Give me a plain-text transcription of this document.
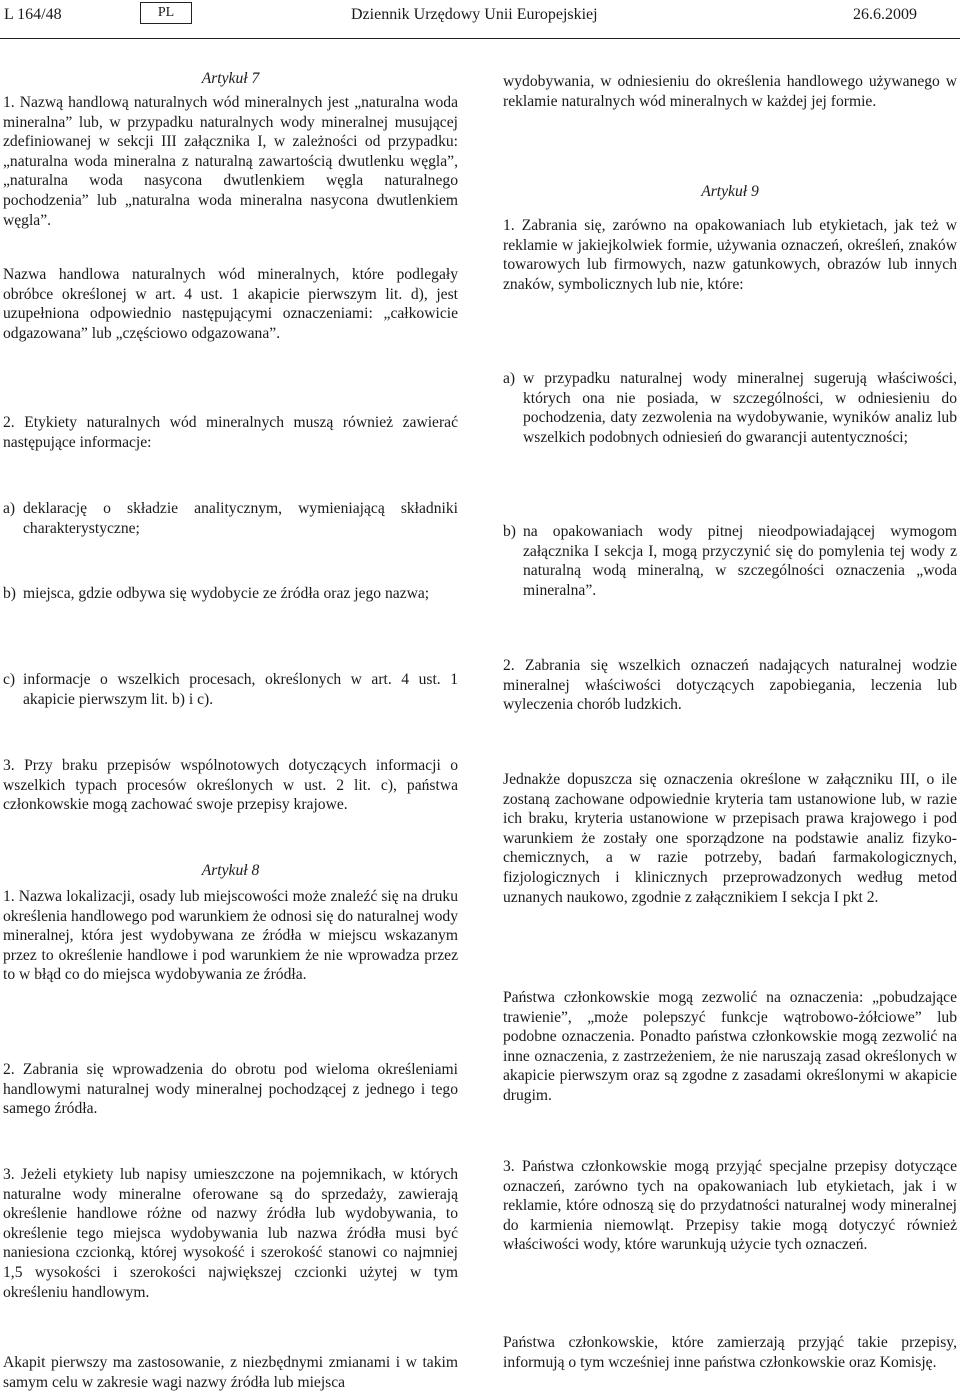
L 164/48	PL	Dziennik Urzędowy Unii Europejskiej	26.6.2009
Artykuł 7
1. Nazwą handlową naturalnych wód mineralnych jest „naturalna woda mineralna” lub, w przypadku naturalnych wody mineralnej musującej zdefiniowanej w sekcji III załącznika I, w zależności od przypadku: „naturalna woda mineralna z naturalną zawartością dwutlenku węgla”, „naturalna woda nasycona dwutlenkiem węgla naturalnego pochodzenia” lub „naturalna woda mineralna nasycona dwutlenkiem węgla”.
Nazwa handlowa naturalnych wód mineralnych, które podlegały obróbce określonej w art. 4 ust. 1 akapicie pierwszym lit. d), jest uzupełniona odpowiednio następującymi oznaczeniami: „całkowicie odgazowana” lub „częściowo odgazowana”.
2. Etykiety naturalnych wód mineralnych muszą również zawierać następujące informacje:
a) deklarację o składzie analitycznym, wymieniającą składniki charakterystyczne;
b) miejsca, gdzie odbywa się wydobycie ze źródła oraz jego nazwa;
c) informacje o wszelkich procesach, określonych w art. 4 ust. 1 akapicie pierwszym lit. b) i c).
3. Przy braku przepisów wspólnotowych dotyczących informacji o wszelkich typach procesów określonych w ust. 2 lit. c), państwa członkowskie mogą zachować swoje przepisy krajowe.
Artykuł 8
1. Nazwa lokalizacji, osady lub miejscowości może znaleźć się na druku określenia handlowego pod warunkiem że odnosi się do naturalnej wody mineralnej, która jest wydobywana ze źródła w miejscu wskazanym przez to określenie handlowe i pod warunkiem że nie wprowadza przez to w błąd co do miejsca wydobywania ze źródła.
2. Zabrania się wprowadzenia do obrotu pod wieloma określeniami handlowymi naturalnej wody mineralnej pochodzącej z jednego i tego samego źródła.
3. Jeżeli etykiety lub napisy umieszczone na pojemnikach, w których naturalne wody mineralne oferowane są do sprzedaży, zawierają określenie handlowe różne od nazwy źródła lub wydobywania, to określenie tego miejsca wydobywania lub nazwa źródła musi być naniesiona czcionką, której wysokość i szerokość stanowi co najmniej 1,5 wysokości i szerokości największej czcionki użytej w tym określeniu handlowym.
Akapit pierwszy ma zastosowanie, z niezbędnymi zmianami i w takim samym celu w zakresie wagi nazwy źródła lub miejsca
wydobywania, w odniesieniu do określenia handlowego używanego w reklamie naturalnych wód mineralnych w każdej jej formie.
Artykuł 9
1. Zabrania się, zarówno na opakowaniach lub etykietach, jak też w reklamie w jakiejkolwiek formie, używania oznaczeń, określeń, znaków towarowych lub firmowych, nazw gatunkowych, obrazów lub innych znaków, symbolicznych lub nie, które:
a) w przypadku naturalnej wody mineralnej sugerują właściwości, których ona nie posiada, w szczególności, w odniesieniu do pochodzenia, daty zezwolenia na wydobywanie, wyników analiz lub wszelkich podobnych odniesień do gwarancji autentyczności;
b) na opakowaniach wody pitnej nieodpowiadającej wymogom załącznika I sekcja I, mogą przyczynić się do pomylenia tej wody z naturalną wodą mineralną, w szczególności oznaczenia „woda mineralna”.
2. Zabrania się wszelkich oznaczeń nadających naturalnej wodzie mineralnej właściwości dotyczących zapobiegania, leczenia lub wyleczenia chorób ludzkich.
Jednakże dopuszcza się oznaczenia określone w załączniku III, o ile zostaną zachowane odpowiednie kryteria tam ustanowione lub, w razie ich braku, kryteria ustanowione w przepisach prawa krajowego i pod warunkiem że zostały one sporządzone na podstawie analiz fizyko-chemicznych, a w razie potrzeby, badań farmakologicznych, fizjologicznych i klinicznych przeprowadzonych według metod uznanych naukowo, zgodnie z załącznikiem I sekcja I pkt 2.
Państwa członkowskie mogą zezwolić na oznaczenia: „pobudzające trawienie”, „może polepszyć funkcje wątrobowo-żółciowe” lub podobne oznaczenia. Ponadto państwa członkowskie mogą zezwolić na inne oznaczenia, z zastrzeżeniem, że nie naruszają zasad określonych w akapicie pierwszym oraz są zgodne z zasadami określonymi w akapicie drugim.
3. Państwa członkowskie mogą przyjąć specjalne przepisy dotyczące oznaczeń, zarówno tych na opakowaniach lub etykietach, jak i w reklamie, które odnoszą się do przydatności naturalnej wody mineralnej do karmienia niemowląt. Przepisy takie mogą dotyczyć również właściwości wody, które warunkują użycie tych oznaczeń.
Państwa członkowskie, które zamierzają przyjąć takie przepisy, informują o tym wcześniej inne państwa członkowskie oraz Komisję.
